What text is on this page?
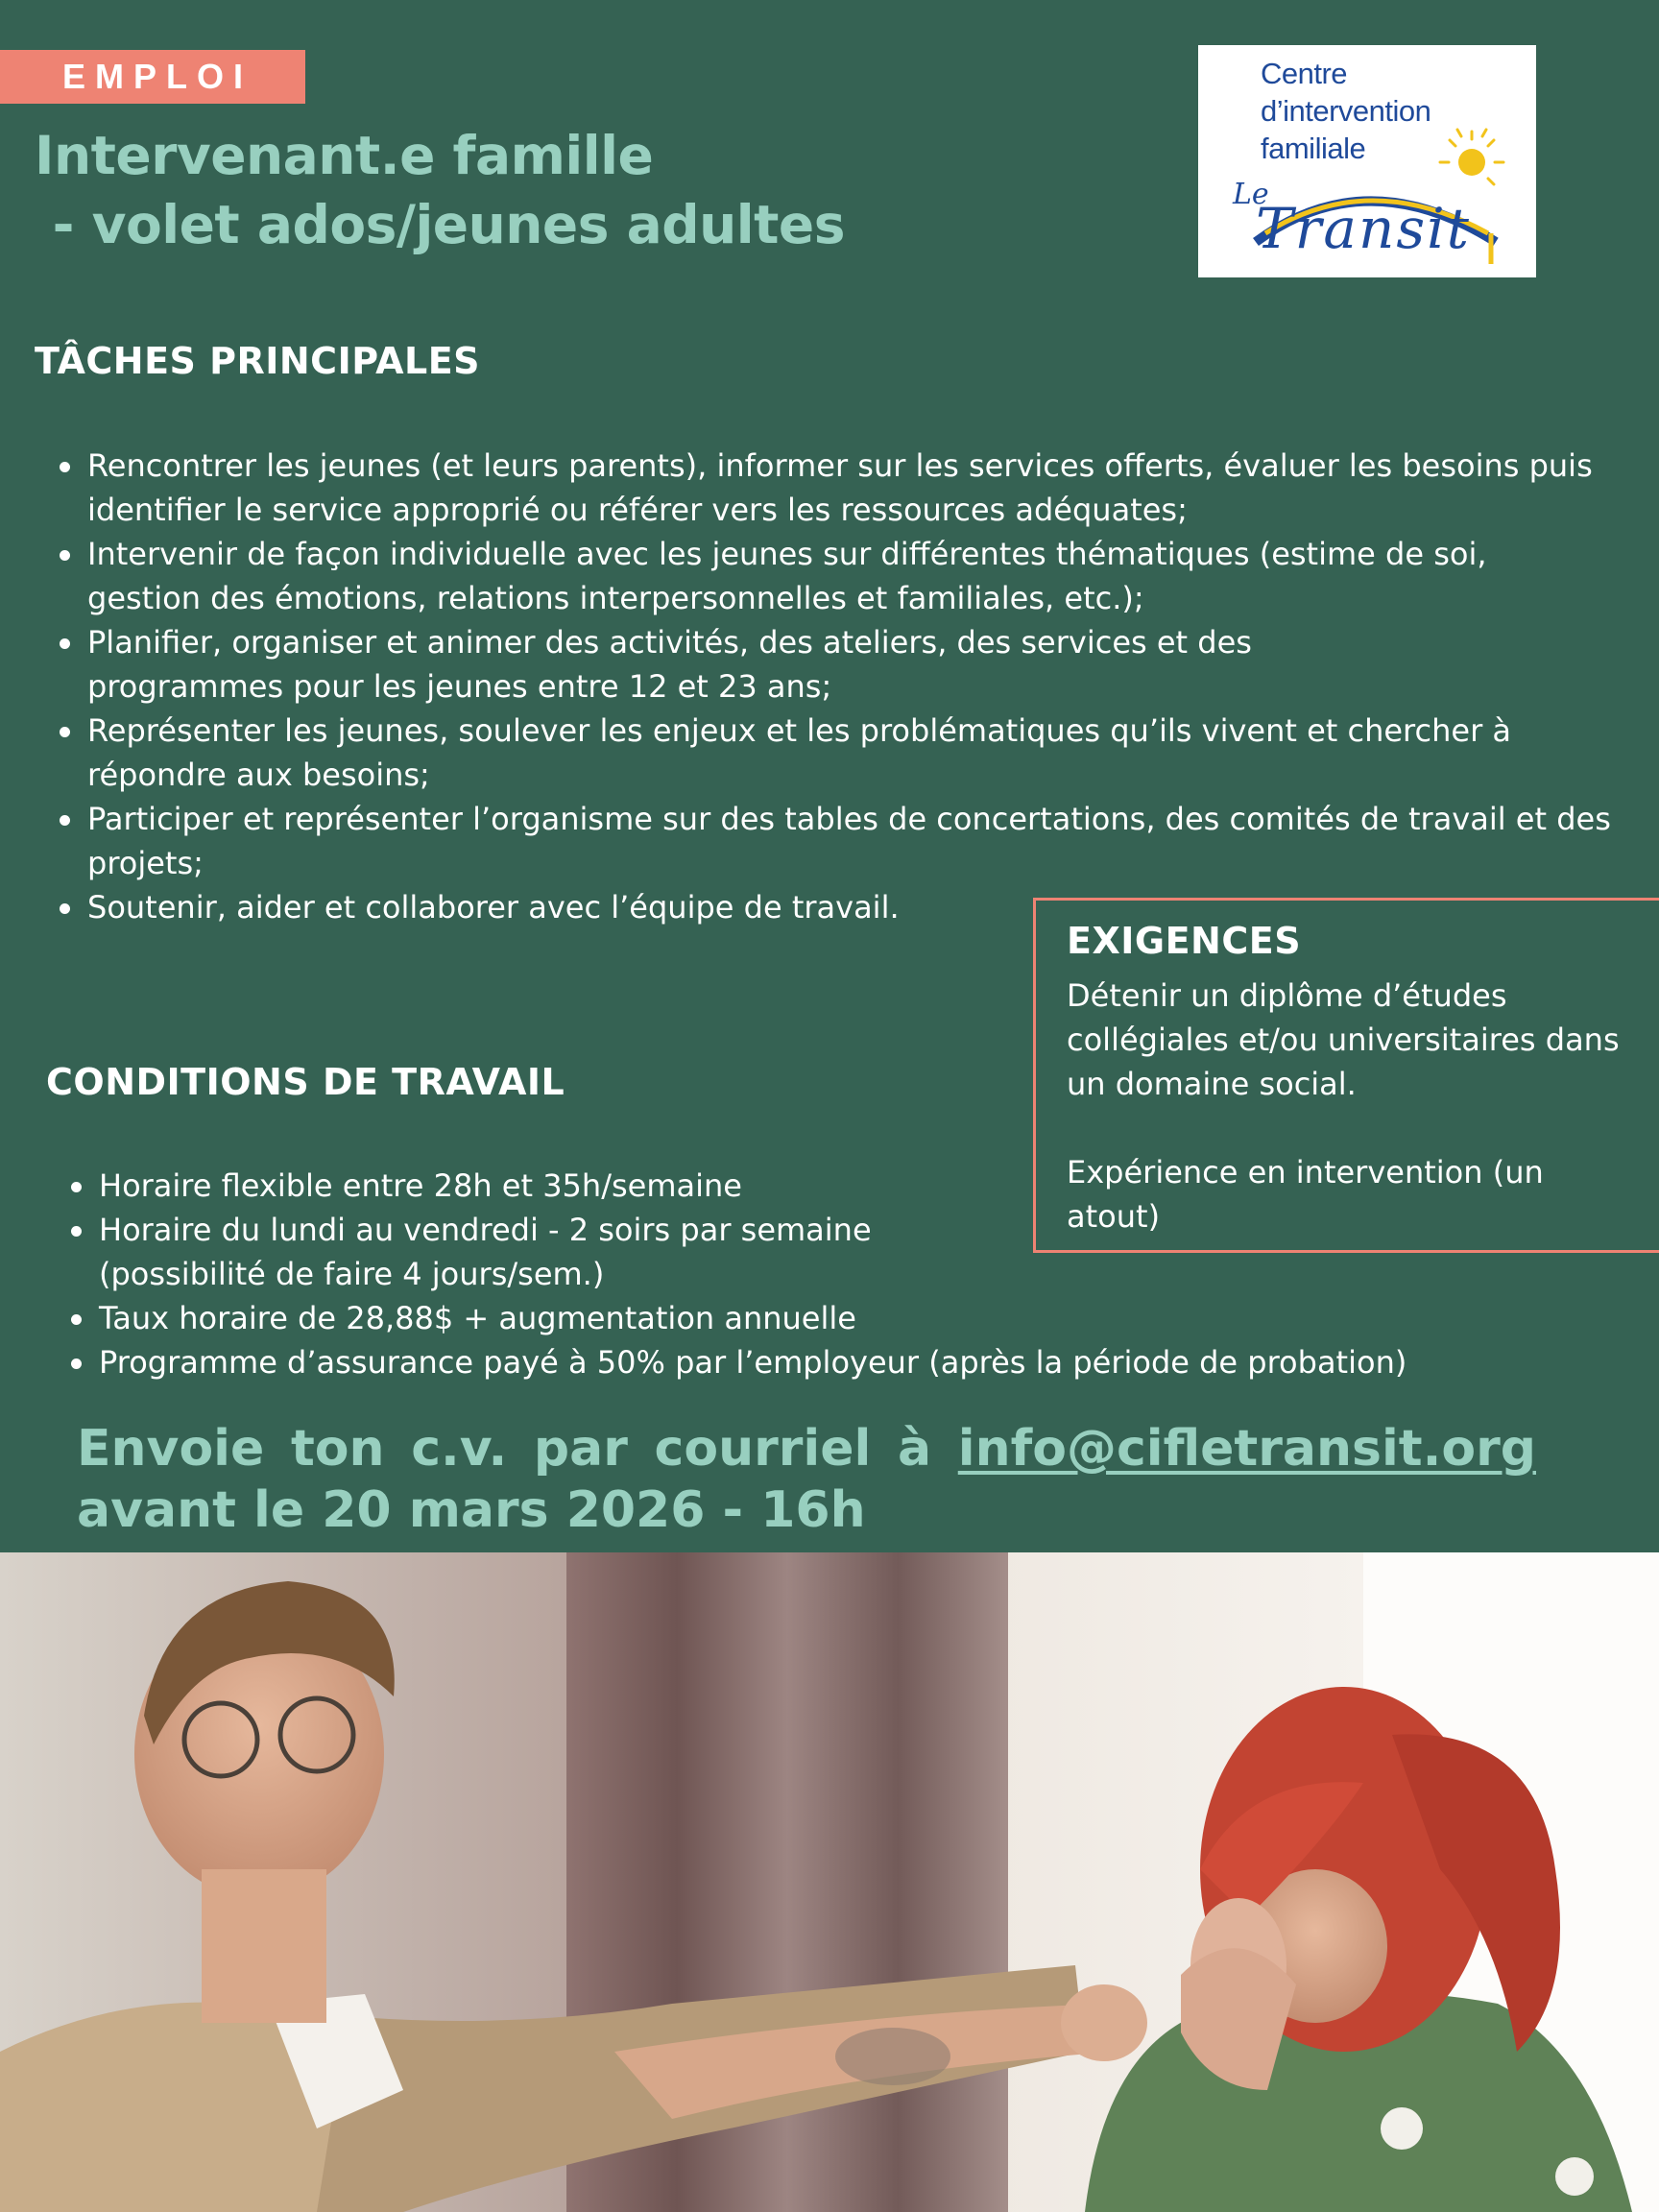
EMPLOI
Intervenant.e famille
- volet ados/jeunes adultes
Centre
d’intervention
familiale
Le
Transit
TÂCHES PRINCIPALES
Rencontrer les jeunes (et leurs parents), informer sur les services offerts, évaluer les besoins puis identifier le service approprié ou référer vers les ressources adéquates;
Intervenir de façon individuelle avec les jeunes sur différentes thématiques (estime de soi, gestion des émotions, relations interpersonnelles et familiales, etc.);
Planifier, organiser et animer des activités, des ateliers, des services et des programmes pour les jeunes entre 12 et 23 ans;
Représenter les jeunes, soulever les enjeux et les problématiques qu’ils vivent et chercher à répondre aux besoins;
Participer et représenter l’organisme sur des tables de concertations, des comités de travail et des projets;
Soutenir, aider et collaborer avec l’équipe de travail.
EXIGENCES

Détenir un diplôme d’études collégiales et/ou universitaires dans un domaine social.

Expérience en intervention (un atout)

CONDITIONS DE TRAVAIL
Horaire flexible entre 28h et 35h/semaine
Horaire du lundi au vendredi - 2 soirs par semaine (possibilité de faire 4 jours/sem.)
Taux horaire de 28,88$ + augmentation annuelle
Programme d’assurance payé à 50% par l’employeur (après la période de probation)
Envoie ton c.v. par courriel à info@cifletransit.org
avant le 20 mars 2026 - 16h
